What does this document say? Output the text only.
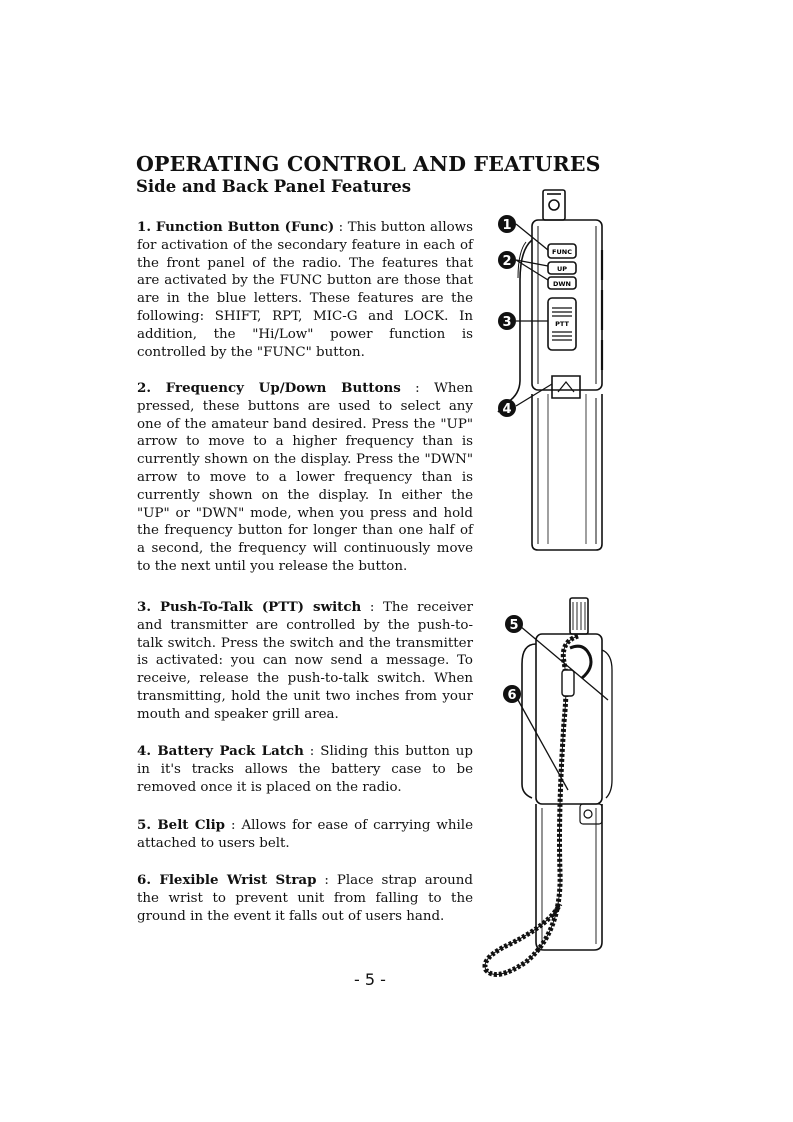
OPERATING CONTROL AND FEATURES
Side and Back Panel Features

1. Function Button (Func) : This button allows for activation of the secondary feature in each of the front panel of the radio. The features that are activated by the FUNC button are those that are in the blue letters. These features are the following: SHIFT, RPT, MIC-G and LOCK. In addition, the "Hi/Low" power function is controlled by the "FUNC" button.

2. Frequency Up/Down Buttons : When pressed, these buttons are used to select any one of the amateur band desired. Press the "UP" arrow to move to a higher frequency than is currently shown on the display. Press the "DWN" arrow to move to a lower frequency than is currently shown on the display. In either the "UP" or "DWN" mode, when you press and hold the frequency button for longer than one half of a second, the frequency will continuously move to the next until you release the button.

3. Push-To-Talk (PTT) switch : The receiver and transmitter are controlled by the push-to-talk switch. Press the switch and the transmitter is activated: you can now send a message. To receive, release the push-to-talk switch. When transmitting, hold the unit two inches from your mouth and speaker grill area.

4. Battery Pack Latch : Sliding this button up in it's tracks allows the battery case to be removed once it is placed on the radio.

5. Belt Clip : Allows for ease of carrying while attached to users belt.

6. Flexible Wrist Strap : Place strap around the wrist to prevent unit from falling to the ground in the event it falls out of users hand.

FUNC
UP
DWN
PTT
1
2
3
4
5
6

- 5 -
